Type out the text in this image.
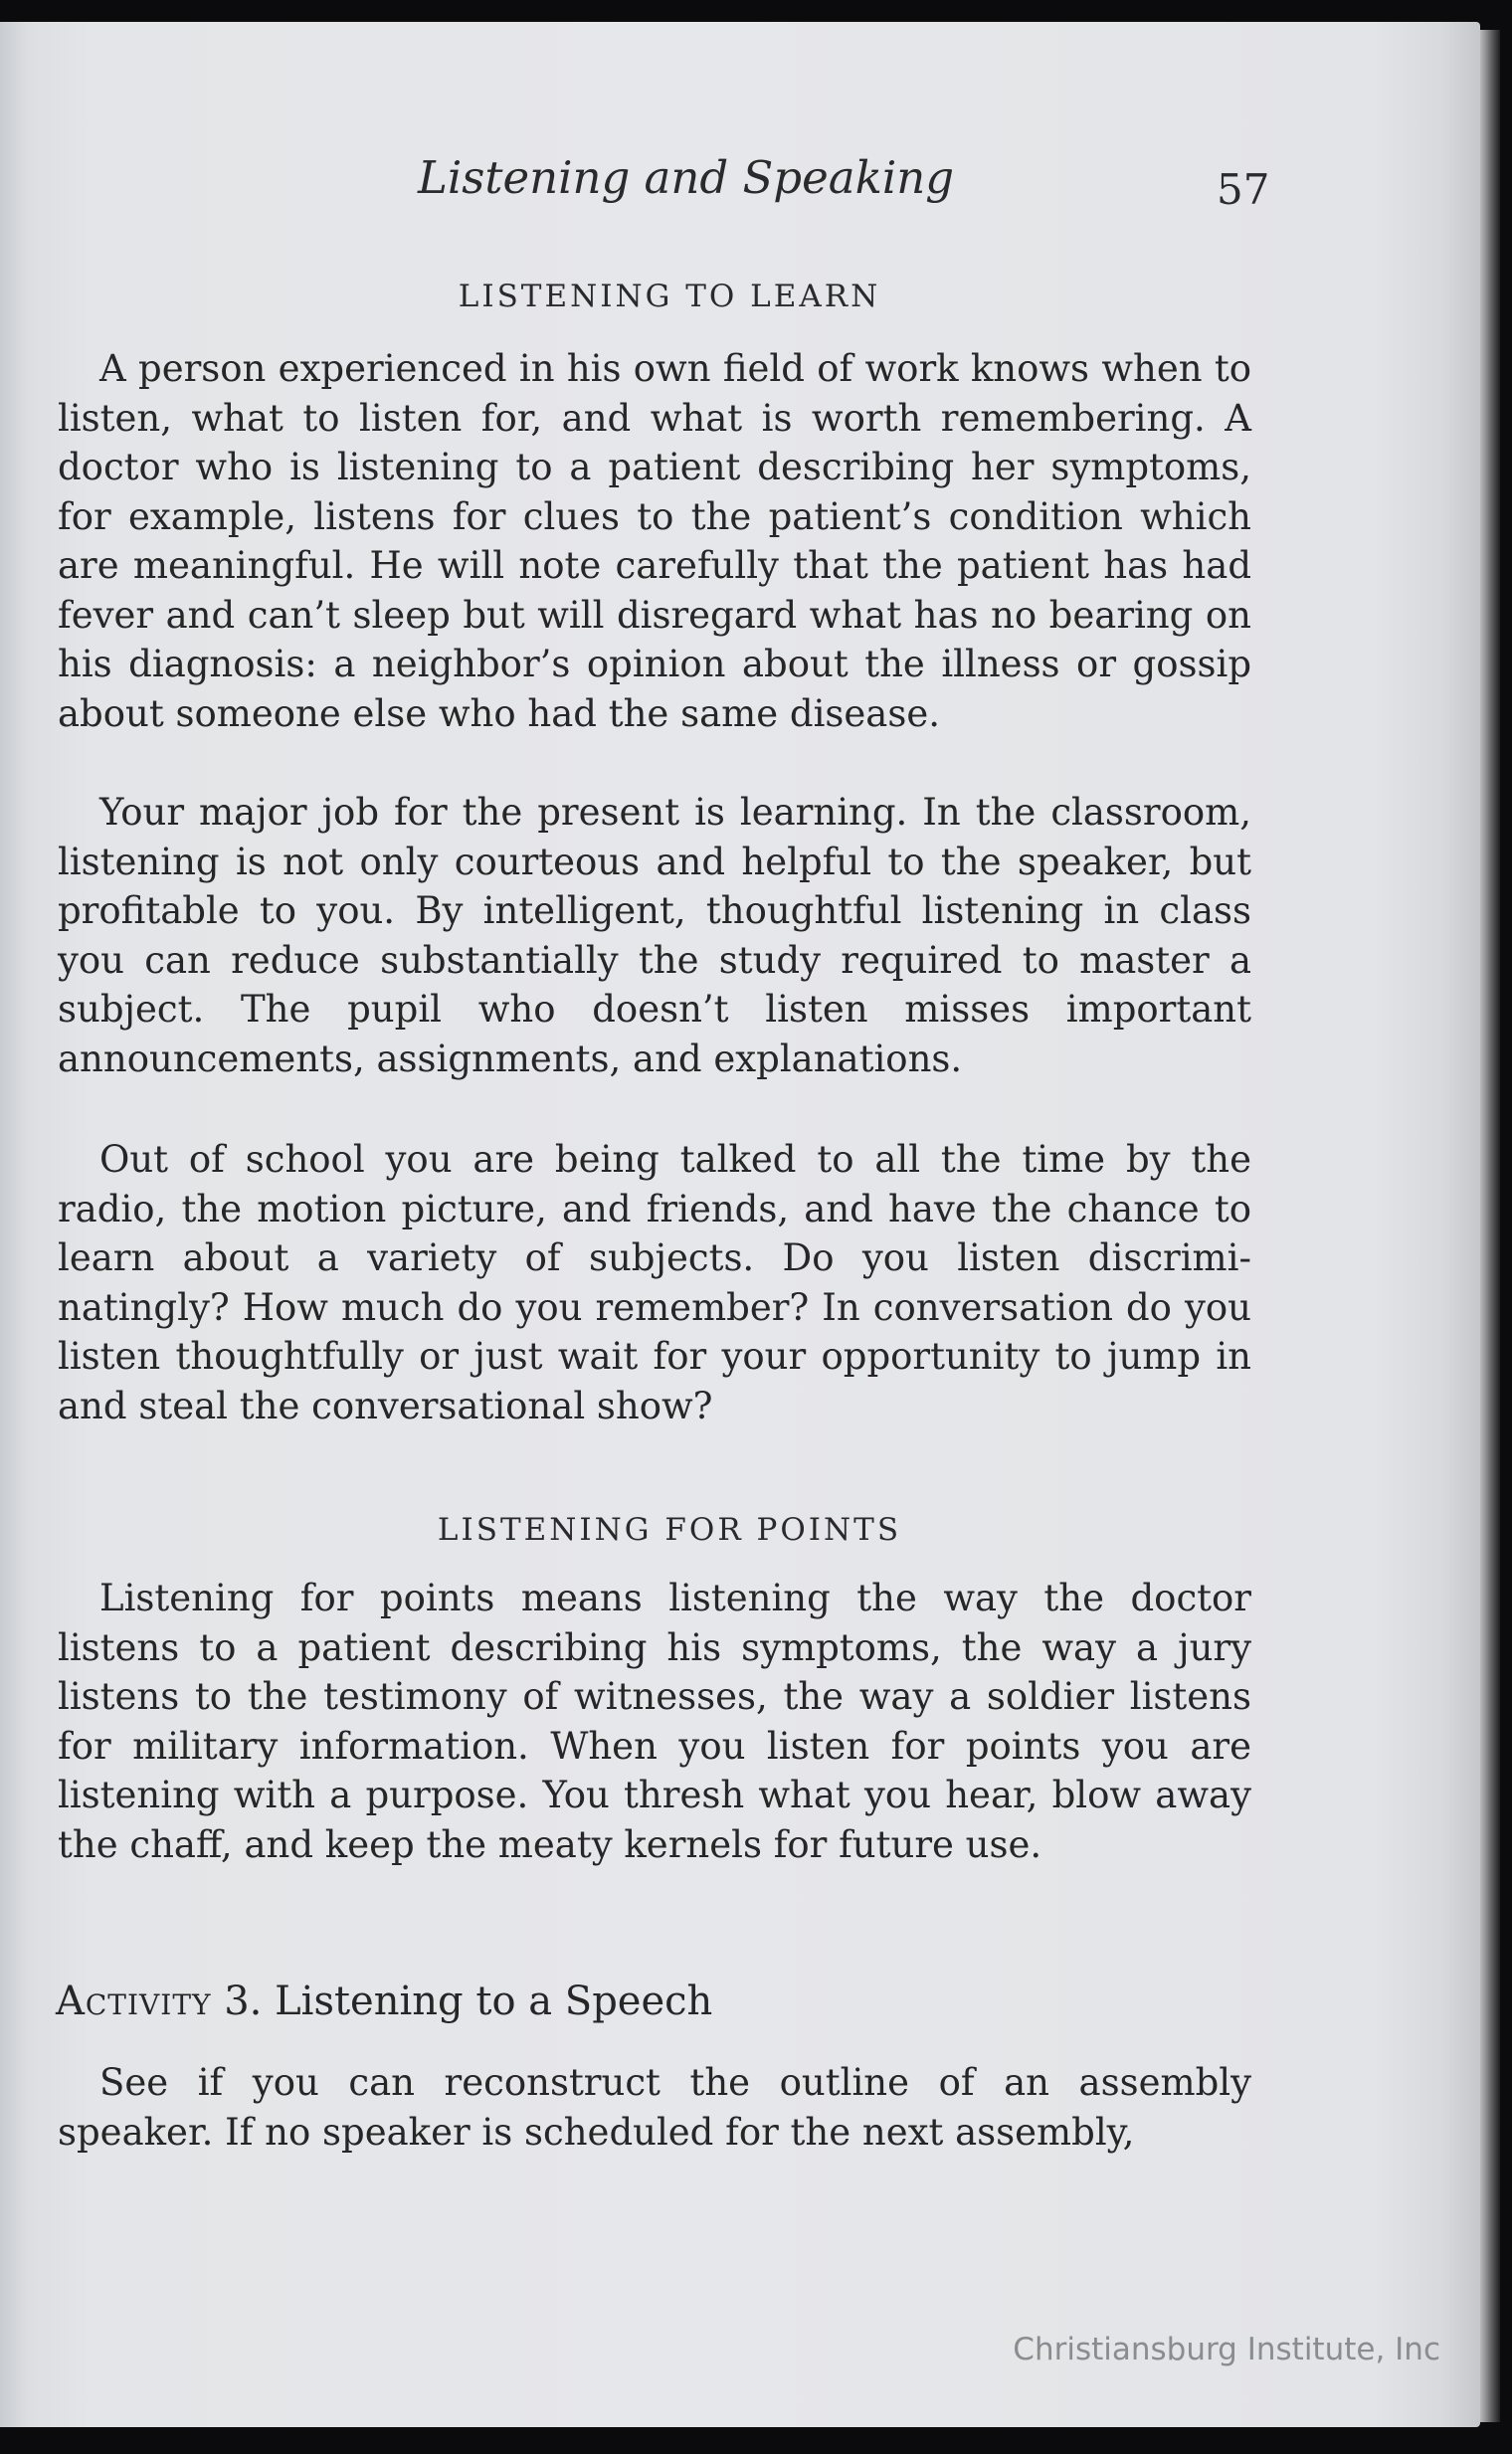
Listening and Speaking	57
LISTENING TO LEARN

A person experienced in his own field of work knows when to listen, what to listen for, and what is worth remembering. A doctor who is listening to a patient describing her symptoms, for example, listens for clues to the patient’s condition which are meaningful. He will note carefully that the patient has had fever and can’t sleep but will disregard what has no bearing on his diagnosis: a neighbor’s opinion about the illness or gossip about someone else who had the same disease.

Your major job for the present is learning. In the classroom, listening is not only courteous and helpful to the speaker, but profitable to you. By intelligent, thoughtful listening in class you can reduce substantially the study required to master a subject. The pupil who doesn’t listen misses important announcements, assignments, and explanations.

Out of school you are being talked to all the time by the radio, the motion picture, and friends, and have the chance to learn about a variety of subjects. Do you listen discriminatingly? How much do you remember? In conversation do you listen thoughtfully or just wait for your opportunity to jump in and steal the conversational show?

LISTENING FOR POINTS

Listening for points means listening the way the doctor listens to a patient describing his symptoms, the way a jury listens to the testimony of witnesses, the way a soldier listens for military information. When you listen for points you are listening with a purpose. You thresh what you hear, blow away the chaff, and keep the meaty kernels for future use.

Activity 3. Listening to a Speech

See if you can reconstruct the outline of an assembly speaker. If no speaker is scheduled for the next assembly,

Christiansburg Institute, Inc
